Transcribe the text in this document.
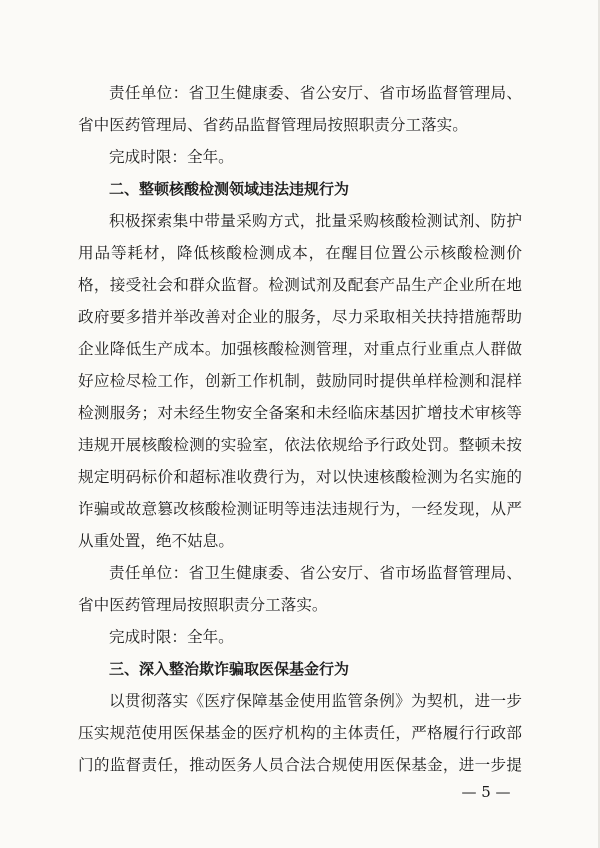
责任单位：省卫生健康委、省公安厅、省市场监督管理局、
省中医药管理局、省药品监督管理局按照职责分工落实。
完成时限：全年。
二、整顿核酸检测领域违法违规行为
积极探索集中带量采购方式，批量采购核酸检测试剂、防护
用品等耗材，降低核酸检测成本，在醒目位置公示核酸检测价
格，接受社会和群众监督。检测试剂及配套产品生产企业所在地
政府要多措并举改善对企业的服务，尽力采取相关扶持措施帮助
企业降低生产成本。加强核酸检测管理，对重点行业重点人群做
好应检尽检工作，创新工作机制，鼓励同时提供单样检测和混样
检测服务；对未经生物安全备案和未经临床基因扩增技术审核等
违规开展核酸检测的实验室，依法依规给予行政处罚。整顿未按
规定明码标价和超标准收费行为，对以快速核酸检测为名实施的
诈骗或故意篡改核酸检测证明等违法违规行为，一经发现，从严
从重处置，绝不姑息。
责任单位：省卫生健康委、省公安厅、省市场监督管理局、
省中医药管理局按照职责分工落实。
完成时限：全年。
三、深入整治欺诈骗取医保基金行为
以贯彻落实《医疗保障基金使用监管条例》为契机，进一步
压实规范使用医保基金的医疗机构的主体责任，严格履行行政部
门的监督责任，推动医务人员合法合规使用医保基金，进一步提
— 5 —
